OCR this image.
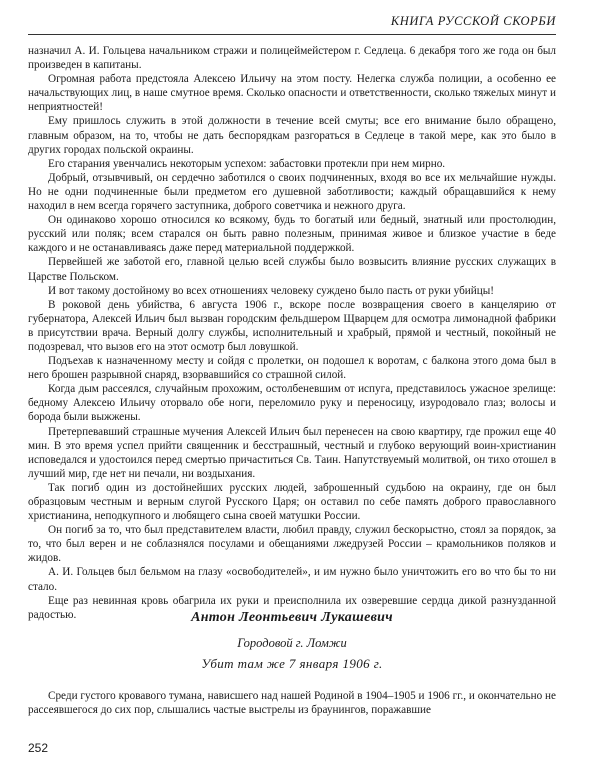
КНИГА РУССКОЙ СКОРБИ

назначил А. И. Гольцева начальником стражи и полицеймейстером г. Седлеца. 6 декабря того же года он был произведен в капитаны.

Огромная работа предстояла Алексею Ильичу на этом посту. Нелегка служба полиции, а особенно ее начальствующих лиц, в наше смутное время. Сколько опасности и ответственности, сколько тяжелых минут и неприятностей!

Ему пришлось служить в этой должности в течение всей смуты; все его внимание было обращено, главным образом, на то, чтобы не дать беспорядкам разгораться в Седлеце в такой мере, как это было в других городах польской окраины.

Его старания увенчались некоторым успехом: забастовки протекли при нем мирно.

Добрый, отзывчивый, он сердечно заботился о своих подчиненных, входя во все их мельчайшие нужды. Но не одни подчиненные были предметом его душевной заботливости; каждый обращавшийся к нему находил в нем всегда горячего заступника, доброго советчика и нежного друга.

Он одинаково хорошо относился ко всякому, будь то богатый или бедный, знатный или простолюдин, русский или поляк; всем старался он быть равно полезным, принимая живое и близкое участие в беде каждого и не останавливаясь даже перед материальной поддержкой.

Первейшей же заботой его, главной целью всей службы было возвысить влияние русских служащих в Царстве Польском.

И вот такому достойному во всех отношениях человеку суждено было пасть от руки убийцы!

В роковой день убийства, 6 августа 1906 г., вскоре после возвращения своего в канцелярию от губернатора, Алексей Ильич был вызван городским фельдшером Щварцем для осмотра лимонадной фабрики в присутствии врача. Верный долгу службы, исполнительный и храбрый, прямой и честный, покойный не подозревал, что вызов его на этот осмотр был ловушкой.

Подъехав к назначенному месту и сойдя с пролетки, он подошел к воротам, с балкона этого дома был в него брошен разрывной снаряд, взорвавшийся со страшной силой.

Когда дым рассеялся, случайным прохожим, остолбеневшим от испуга, представилось ужасное зрелище: бедному Алексею Ильичу оторвало обе ноги, переломило руку и переносицу, изуродовало глаз; волосы и борода были выжжены.

Претерпевавший страшные мучения Алексей Ильич был перенесен на свою квартиру, где прожил еще 40 мин. В это время успел прийти священник и бесстрашный, честный и глубоко верующий воин-христианин исповедался и удостоился перед смертью причаститься Св. Таин. Напутствуемый молитвой, он тихо отошел в лучший мир, где нет ни печали, ни воздыхания.

Так погиб один из достойнейших русских людей, заброшенный судьбою на окраину, где он был образцовым честным и верным слугой Русского Царя; он оставил по себе память доброго православного христианина, неподкупного и любящего сына своей матушки России.

Он погиб за то, что был представителем власти, любил правду, служил бескорыстно, стоял за порядок, за то, что был верен и не соблазнялся посулами и обещаниями лжедрузей России – крамольников поляков и жидов.

А. И. Гольцев был бельмом на глазу «освободителей», и им нужно было уничтожить его во что бы то ни стало.

Еще раз невинная кровь обагрила их руки и преисполнила их озверевшие сердца дикой разнузданной радостью.	Антон Леонтьевич Лукашевич
Городовой г. Ломжи
Убит там же 7 января 1906 г.

Среди густого кровавого тумана, нависшего над нашей Родиной в 1904–1905 и 1906 гг., и окончательно не рассеявшегося до сих пор, слышались частые выстрелы из браунингов, поражавшие

252
